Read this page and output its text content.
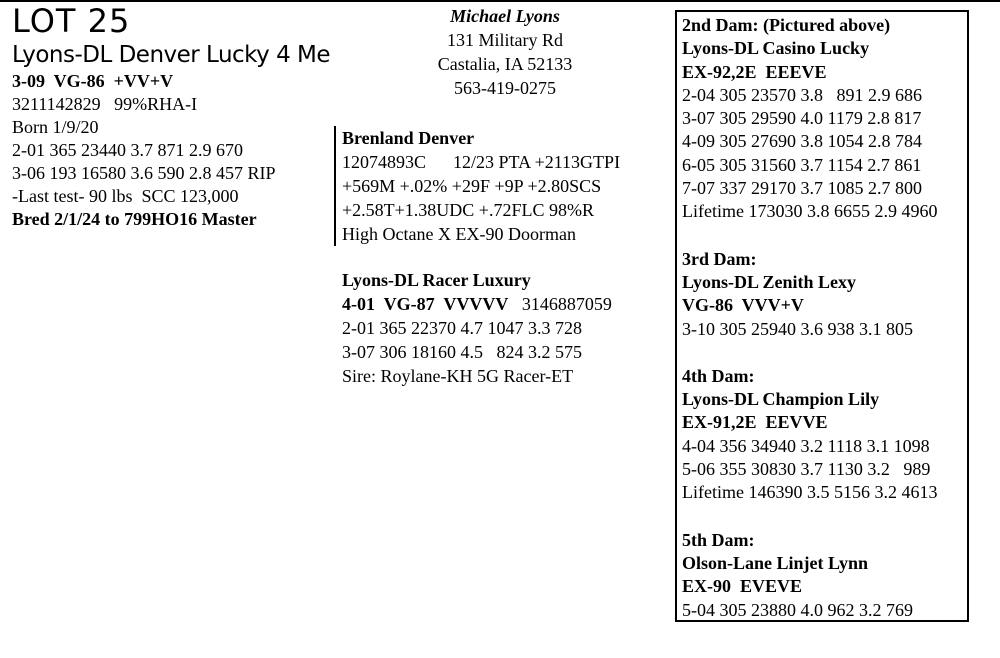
LOT 25
Lyons-DL Denver Lucky 4 Me
3-09  VG-86  +VV+V
3211142829   99%RHA-I
Born 1/9/20
2-01 365 23440 3.7 871 2.9 670
3-06 193 16580 3.6 590 2.8 457 RIP
-Last test- 90 lbs  SCC 123,000
Bred 2/1/24 to 799HO16 Master
Michael Lyons
131 Military Rd
Castalia, IA 52133
563-419-0275
Brenland Denver
12074893C      12/23 PTA +2113GTPI
+569M +.02% +29F +9P +2.80SCS
+2.58T+1.38UDC +.72FLC 98%R
High Octane X EX-90 Doorman
Lyons-DL Racer Luxury
4-01  VG-87  VVVVV   3146887059
2-01 365 22370 4.7 1047 3.3 728
3-07 306 18160 4.5   824 3.2 575
Sire: Roylane-KH 5G Racer-ET
2nd Dam: (Pictured above)
Lyons-DL Casino Lucky
EX-92,2E  EEEVE
2-04 305 23570 3.8   891 2.9 686
3-07 305 29590 4.0 1179 2.8 817
4-09 305 27690 3.8 1054 2.8 784
6-05 305 31560 3.7 1154 2.7 861
7-07 337 29170 3.7 1085 2.7 800
Lifetime 173030 3.8 6655 2.9 4960
3rd Dam:
Lyons-DL Zenith Lexy
VG-86  VVV+V
3-10 305 25940 3.6 938 3.1 805
4th Dam:
Lyons-DL Champion Lily
EX-91,2E  EEVVE
4-04 356 34940 3.2 1118 3.1 1098
5-06 355 30830 3.7 1130 3.2   989
Lifetime 146390 3.5 5156 3.2 4613
5th Dam:
Olson-Lane Linjet Lynn
EX-90  EVEVE
5-04 305 23880 4.0 962 3.2 769
